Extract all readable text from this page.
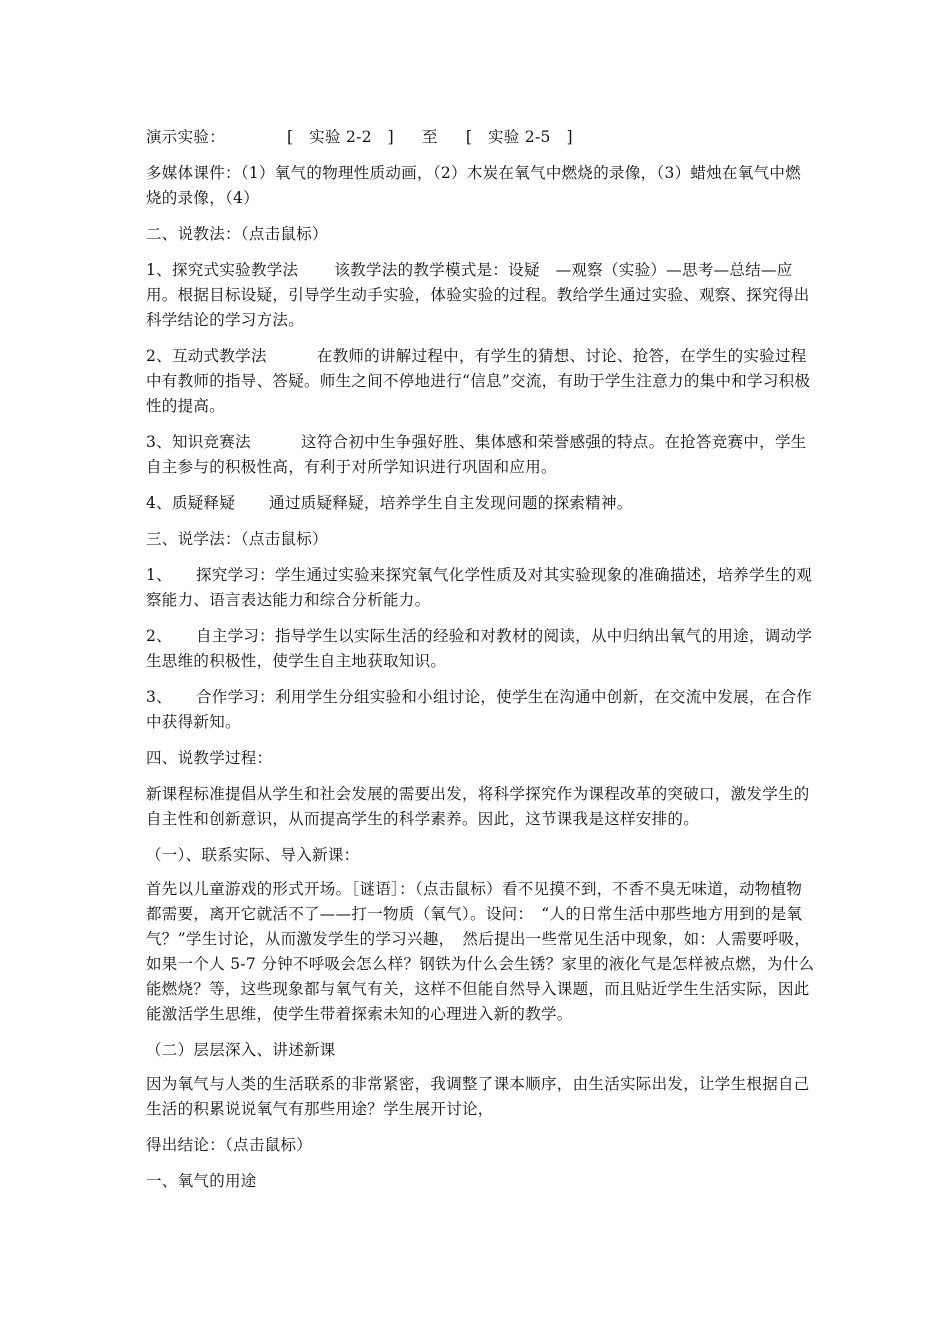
演示实验：	[　实验 2-2　] 至 [　实验 2-5　]
多媒体课件：（1）氧气的物理性质动画，（2）木炭在氧气中燃烧的录像，（3）蜡烛在氧气中燃烧的录像，（4）
二、说教法：（点击鼠标）
1、探究式实验教学法 该教学法的教学模式是：设疑　—观察（实验）—思考—总结—应用。根据目标设疑，引导学生动手实验，体验实验的过程。教给学生通过实验、观察、探究得出科学结论的学习方法。
2、互动式教学法	在教师的讲解过程中，有学生的猜想、讨论、抢答，在学生的实验过程中有教师的指导、答疑。师生之间不停地进行“信息”交流，有助于学生注意力的集中和学习积极性的提高。
3、知识竞赛法	这符合初中生争强好胜、集体感和荣誉感强的特点。在抢答竞赛中，学生自主参与的积极性高，有利于对所学知识进行巩固和应用。
4、质疑释疑 通过质疑释疑，培养学生自主发现问题的探索精神。
三、说学法：（点击鼠标）
1、 探究学习：学生通过实验来探究氧气化学性质及对其实验现象的准确描述，培养学生的观察能力、语言表达能力和综合分析能力。
2、 自主学习：指导学生以实际生活的经验和对教材的阅读，从中归纳出氧气的用途，调动学生思维的积极性，使学生自主地获取知识。
3、 合作学习：利用学生分组实验和小组讨论，使学生在沟通中创新，在交流中发展，在合作中获得新知。
四、说教学过程：
新课程标准提倡从学生和社会发展的需要出发，将科学探究作为课程改革的突破口，激发学生的自主性和创新意识，从而提高学生的科学素养。因此，这节课我是这样安排的。
（一）、联系实际、导入新课：
首先以儿童游戏的形式开场。［谜语］：（点击鼠标）看不见摸不到，不香不臭无味道，动物植物都需要，离开它就活不了——打一物质（氧气）。设问：　“人的日常生活中那些地方用到的是氧气？”学生讨论，从而激发学生的学习兴趣，　然后提出一些常见生活中现象，如：人需要呼吸，如果一个人 5-7 分钟不呼吸会怎么样？钢铁为什么会生锈？家里的液化气是怎样被点燃，为什么能燃烧？等，这些现象都与氧气有关，这样不但能自然导入课题，而且贴近学生生活实际，因此能激活学生思维，使学生带着探索未知的心理进入新的教学。
（二）层层深入、讲述新课
因为氧气与人类的生活联系的非常紧密，我调整了课本顺序，由生活实际出发，让学生根据自己生活的积累说说氧气有那些用途？学生展开讨论，
得出结论：（点击鼠标）
一、氧气的用途
